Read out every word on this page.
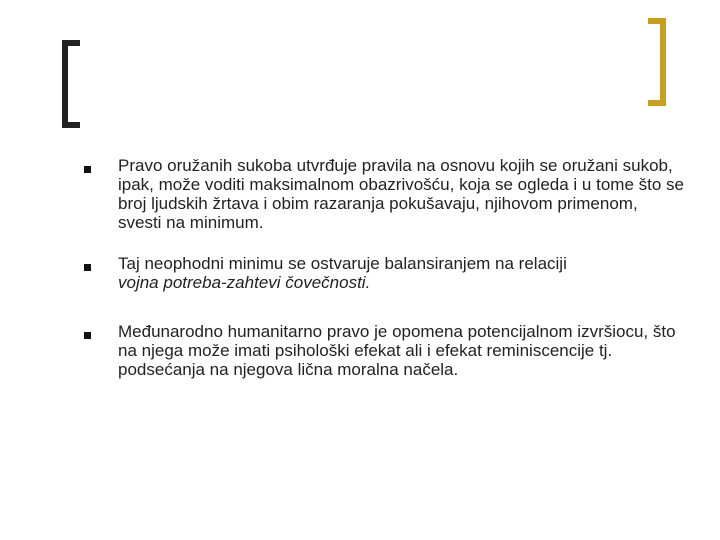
Pravo oružanih sukoba utvrđuje pravila na osnovu kojih se oružani sukob, ipak, može voditi maksimalnom obazrivošću, koja se ogleda i u tome što se broj ljudskih žrtava i obim razaranja pokušavaju, njihovom primenom, svesti na minimum.
Taj neophodni minimu se ostvaruje balansiranjem na relaciji
vojna potreba-zahtevi čovečnosti.
Međunarodno humanitarno pravo je opomena potencijalnom izvršiocu, što na njega može imati psihološki efekat ali i efekat reminiscencije tj. podsećanja na njegova lična moralna načela.
